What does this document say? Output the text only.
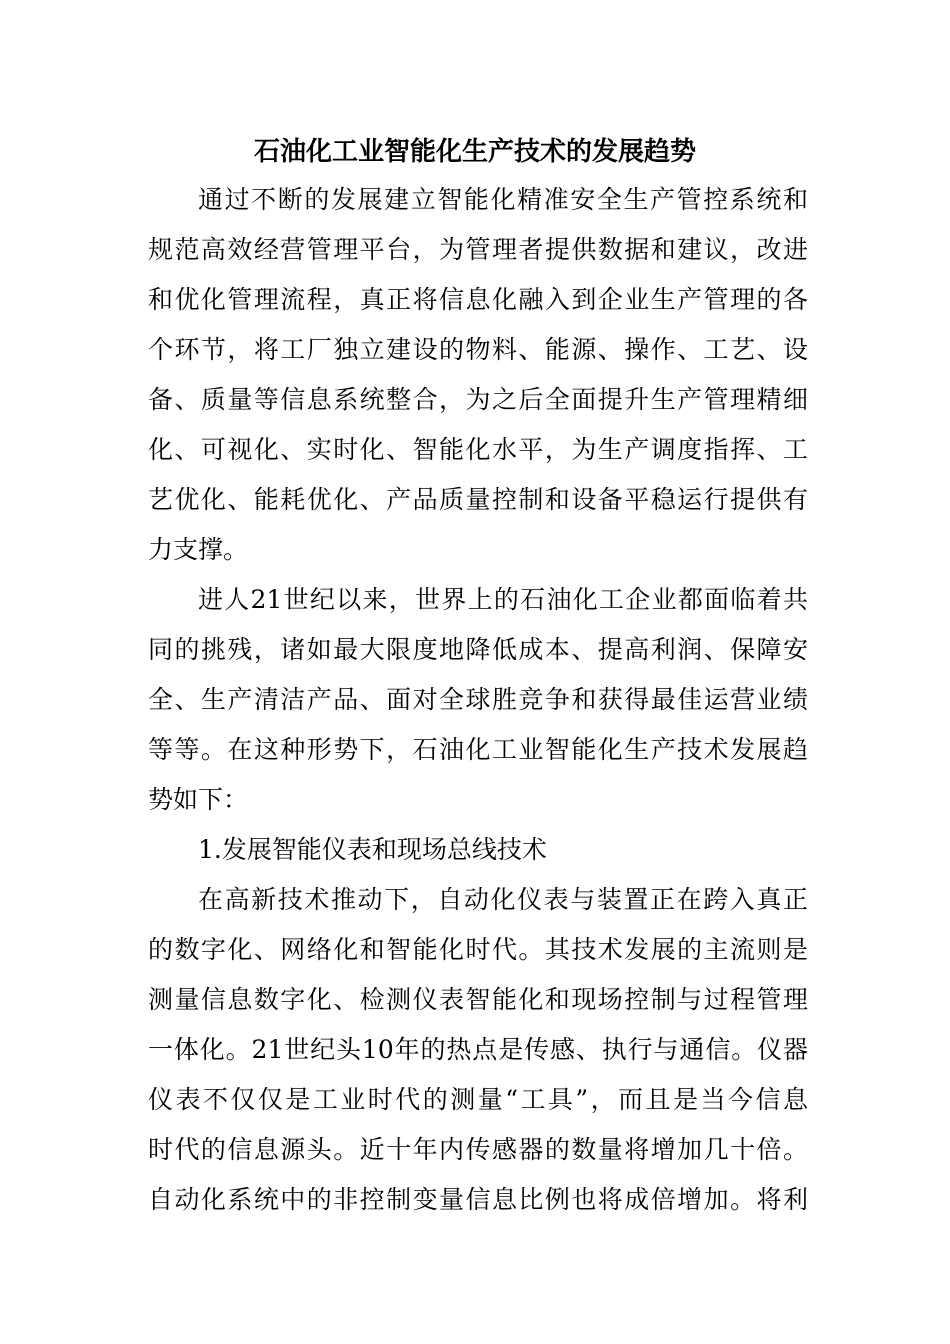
石油化工业智能化生产技术的发展趋势
通过不断的发展建立智能化精准安全生产管控系统和
规范高效经营管理平台，为管理者提供数据和建议，改进
和优化管理流程，真正将信息化融入到企业生产管理的各
个环节，将工厂独立建设的物料、能源、操作、工艺、设
备、质量等信息系统整合，为之后全面提升生产管理精细
化、可视化、实时化、智能化水平，为生产调度指挥、工
艺优化、能耗优化、产品质量控制和设备平稳运行提供有
力支撑。
进人21世纪以来，世界上的石油化工企业都面临着共
同的挑残，诸如最大限度地降低成本、提高利润、保障安
全、生产清洁产品、面对全球胜竞争和获得最佳运营业绩
等等。在这种形势下，石油化工业智能化生产技术发展趋
势如下：
1.发展智能仪表和现场总线技术
在高新技术推动下，自动化仪表与装置正在跨入真正
的数字化、网络化和智能化时代。其技术发展的主流则是
测量信息数字化、检测仪表智能化和现场控制与过程管理
一体化。21世纪头10年的热点是传感、执行与通信。仪器
仪表不仅仅是工业时代的测量“工具”，而且是当今信息
时代的信息源头。近十年内传感器的数量将增加几十倍。
自动化系统中的非控制变量信息比例也将成倍增加。将利
